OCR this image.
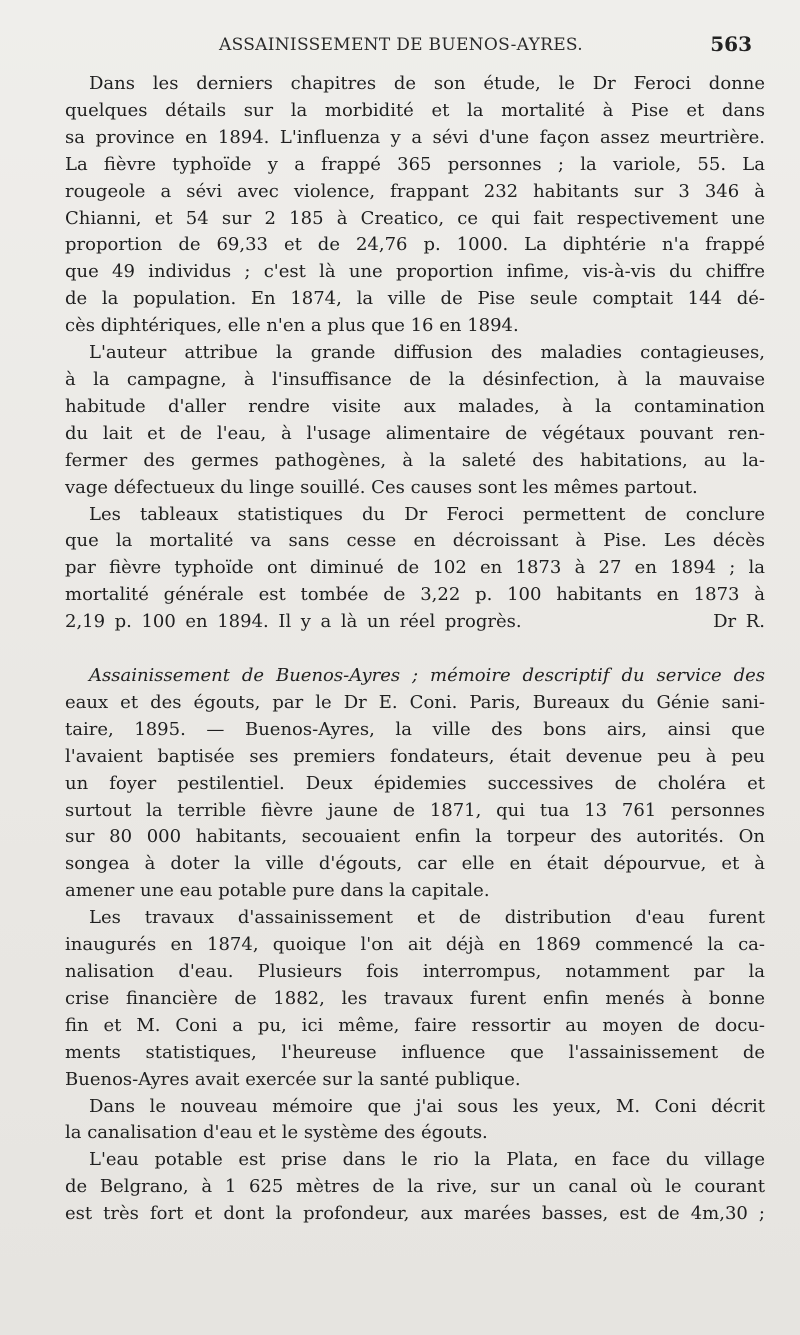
ASSAINISSEMENT DE BUENOS-AYRES.	563

Dans les derniers chapitres de son étude, le Dr Feroci donne
quelques détails sur la morbidité et la mortalité à Pise et dans
sa province en 1894. L'influenza y a sévi d'une façon assez meurtrière.
La fièvre typhoïde y a frappé 365 personnes ; la variole, 55. La
rougeole a sévi avec violence, frappant 232 habitants sur 3 346 à
Chianni, et 54 sur 2 185 à Creatico, ce qui fait respectivement une
proportion de 69,33 et de 24,76 p. 1000. La diphtérie n'a frappé
que 49 individus ; c'est là une proportion infime, vis-à-vis du chiffre
de la population. En 1874, la ville de Pise seule comptait 144 dé-
cès diphtériques, elle n'en a plus que 16 en 1894.

L'auteur attribue la grande diffusion des maladies contagieuses,
à la campagne, à l'insuffisance de la désinfection, à la mauvaise
habitude d'aller rendre visite aux malades, à la contamination
du lait et de l'eau, à l'usage alimentaire de végétaux pouvant ren-
fermer des germes pathogènes, à la saleté des habitations, au la-
vage défectueux du linge souillé. Ces causes sont les mêmes partout.

Les tableaux statistiques du Dr Feroci permettent de conclure
que la mortalité va sans cesse en décroissant à Pise. Les décès
par fièvre typhoïde ont diminué de 102 en 1873 à 27 en 1894 ; la
mortalité générale est tombée de 3,22 p. 100 habitants en 1873 à
2,19 p. 100 en 1894. Il y a là un réel progrès.                    Dr R.

Assainissement de Buenos-Ayres ; mémoire descriptif du service des
eaux et des égouts, par le Dr E. Coni. Paris, Bureaux du Génie sani-
taire, 1895. — Buenos-Ayres, la ville des bons airs, ainsi que
l'avaient baptisée ses premiers fondateurs, était devenue peu à peu
un foyer pestilentiel. Deux épidemies successives de choléra et
surtout la terrible fièvre jaune de 1871, qui tua 13 761 personnes
sur 80 000 habitants, secouaient enfin la torpeur des autorités. On
songea à doter la ville d'égouts, car elle en était dépourvue, et à
amener une eau potable pure dans la capitale.

Les travaux d'assainissement et de distribution d'eau furent
inaugurés en 1874, quoique l'on ait déjà en 1869 commencé la ca-
nalisation d'eau. Plusieurs fois interrompus, notamment par la
crise financière de 1882, les travaux furent enfin menés à bonne
fin et M. Coni a pu, ici même, faire ressortir au moyen de docu-
ments statistiques, l'heureuse influence que l'assainissement de
Buenos-Ayres avait exercée sur la santé publique.

Dans le nouveau mémoire que j'ai sous les yeux, M. Coni décrit
la canalisation d'eau et le système des égouts.

L'eau potable est prise dans le rio la Plata, en face du village
de Belgrano, à 1 625 mètres de la rive, sur un canal où le courant
est très fort et dont la profondeur, aux marées basses, est de 4m,30 ;
